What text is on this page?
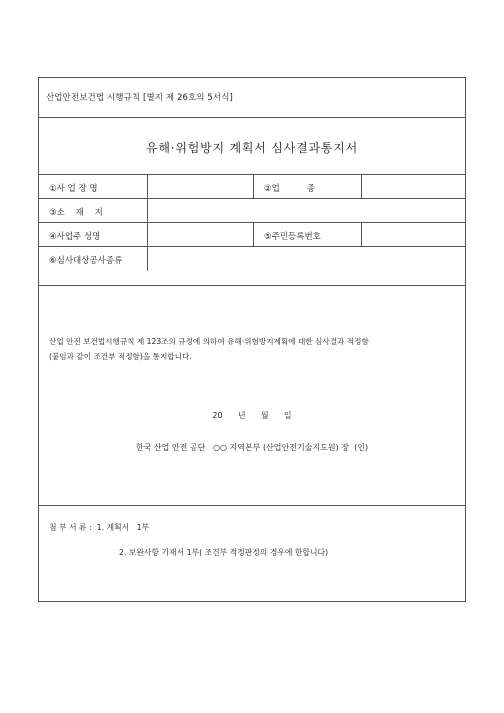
산업안전보건법 시행규칙 [별지 제 26호의 5서식]
유해·위험방지 계획서 심사결과통지서
①사 업 장 명	②업          종
③소    재    지
④사업주 성명	⑤주민등록번호
⑥심사대상공사종류
산업 안전 보건법시행규칙 제 123조의 규정에 의하여 유해·위험방지계획에 대한 심사결과 적정함
(붙임과 같이 조건부 적정함)을 통지합니다.
20      년      월      일
한국 산업 안전 공단   ○○ 지역본부 (산업안전기술지도원) 장  (인)
첨 부 서 류 :  1. 계획서   1부
2. 보완사항 기재서 1부( 조건부 적정판정의 경우에 한합니다)
